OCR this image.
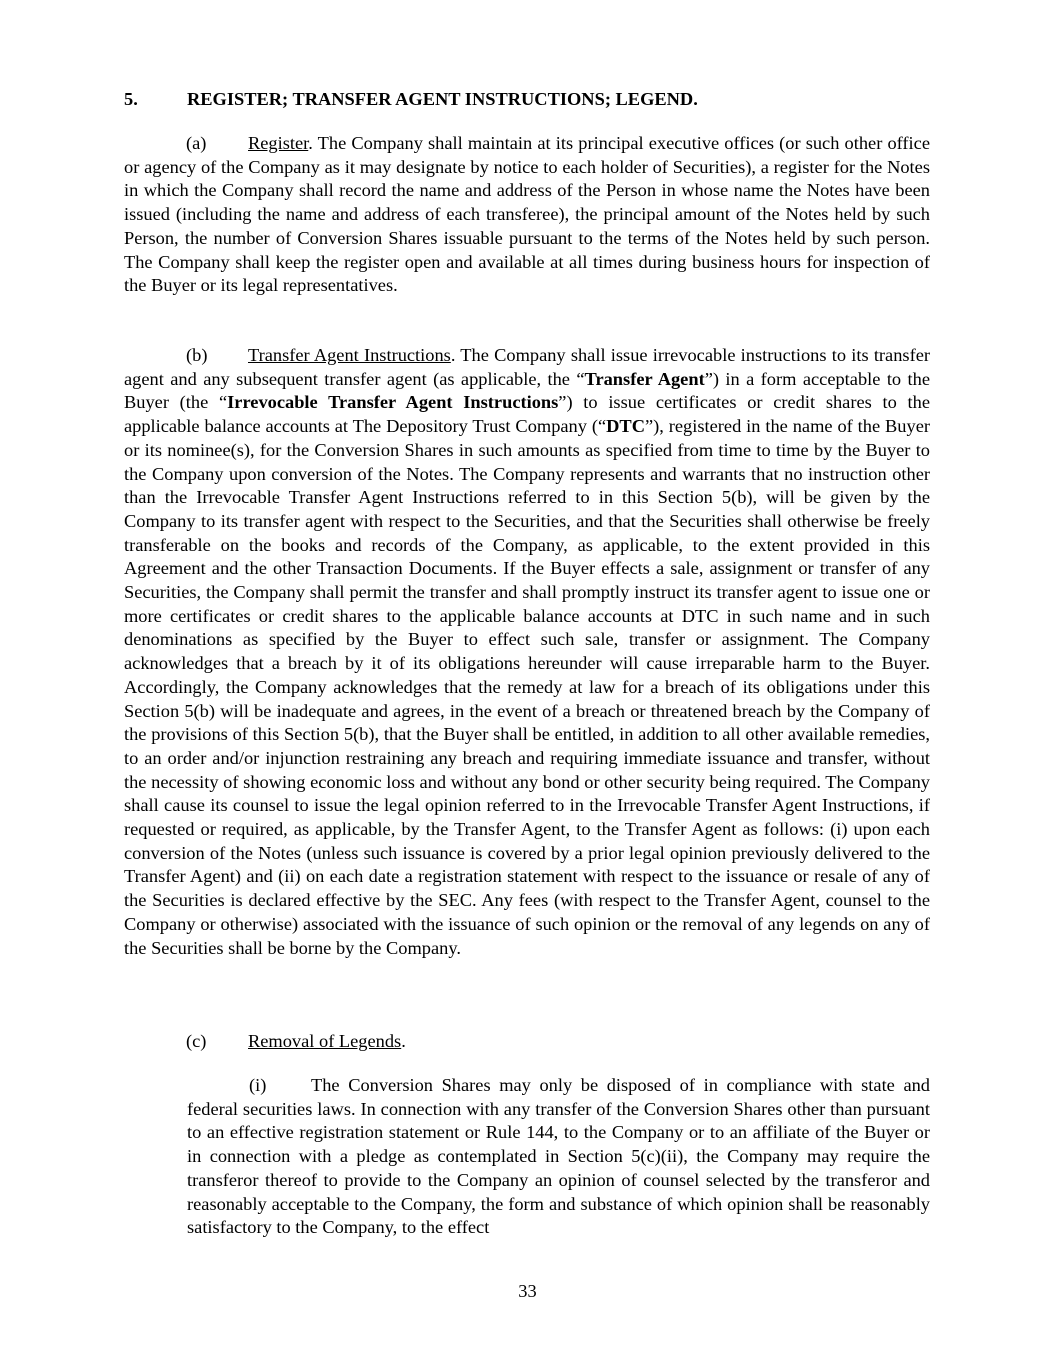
5.	REGISTER; TRANSFER AGENT INSTRUCTIONS; LEGEND.

(a) Register. The Company shall maintain at its principal executive offices (or such other office or agency of the Company as it may designate by notice to each holder of Securities), a register for the Notes in which the Company shall record the name and address of the Person in whose name the Notes have been issued (including the name and address of each transferee), the principal amount of the Notes held by such Person, the number of Conversion Shares issuable pursuant to the terms of the Notes held by such person. The Company shall keep the register open and available at all times during business hours for inspection of the Buyer or its legal representatives.

(b) Transfer Agent Instructions. The Company shall issue irrevocable instructions to its transfer agent and any subsequent transfer agent (as applicable, the “Transfer Agent”) in a form acceptable to the Buyer (the “Irrevocable Transfer Agent Instructions”) to issue certificates or credit shares to the applicable balance accounts at The Depository Trust Company (“DTC”), registered in the name of the Buyer or its nominee(s), for the Conversion Shares in such amounts as specified from time to time by the Buyer to the Company upon conversion of the Notes. The Company represents and warrants that no instruction other than the Irrevocable Transfer Agent Instructions referred to in this Section 5(b), will be given by the Company to its transfer agent with respect to the Securities, and that the Securities shall otherwise be freely transferable on the books and records of the Company, as applicable, to the extent provided in this Agreement and the other Transaction Documents. If the Buyer effects a sale, assignment or transfer of any Securities, the Company shall permit the transfer and shall promptly instruct its transfer agent to issue one or more certificates or credit shares to the applicable balance accounts at DTC in such name and in such denominations as specified by the Buyer to effect such sale, transfer or assignment. The Company acknowledges that a breach by it of its obligations hereunder will cause irreparable harm to the Buyer. Accordingly, the Company acknowledges that the remedy at law for a breach of its obligations under this Section 5(b) will be inadequate and agrees, in the event of a breach or threatened breach by the Company of the provisions of this Section 5(b), that the Buyer shall be entitled, in addition to all other available remedies, to an order and/or injunction restraining any breach and requiring immediate issuance and transfer, without the necessity of showing economic loss and without any bond or other security being required. The Company shall cause its counsel to issue the legal opinion referred to in the Irrevocable Transfer Agent Instructions, if requested or required, as applicable, by the Transfer Agent, to the Transfer Agent as follows: (i) upon each conversion of the Notes (unless such issuance is covered by a prior legal opinion previously delivered to the Transfer Agent) and (ii) on each date a registration statement with respect to the issuance or resale of any of the Securities is declared effective by the SEC. Any fees (with respect to the Transfer Agent, counsel to the Company or otherwise) associated with the issuance of such opinion or the removal of any legends on any of the Securities shall be borne by the Company.

(c) Removal of Legends.

(i) The Conversion Shares may only be disposed of in compliance with state and federal securities laws. In connection with any transfer of the Conversion Shares other than pursuant to an effective registration statement or Rule 144, to the Company or to an affiliate of the Buyer or in connection with a pledge as contemplated in Section 5(c)(ii), the Company may require the transferor thereof to provide to the Company an opinion of counsel selected by the transferor and reasonably acceptable to the Company, the form and substance of which opinion shall be reasonably satisfactory to the Company, to the effect

33
